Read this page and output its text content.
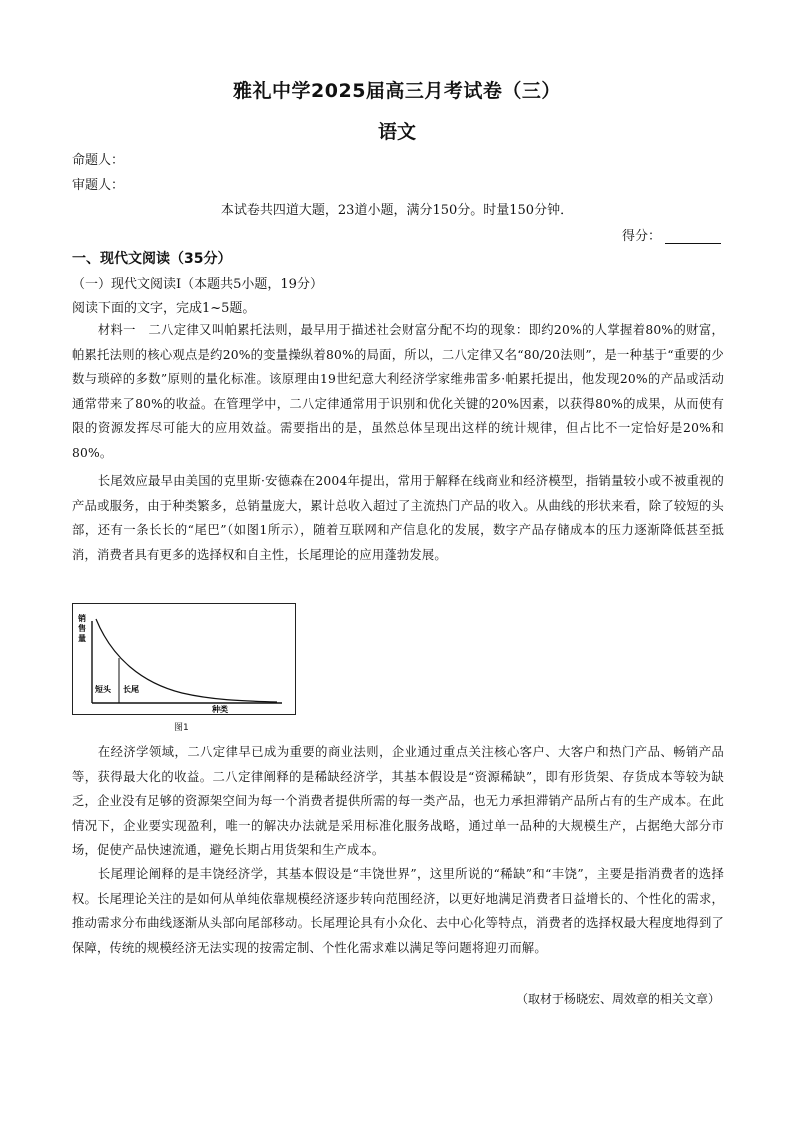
雅礼中学2025届高三月考试卷（三）
语文
命题人：
审题人：
本试卷共四道大题，23道小题，满分150分。时量150分钟．
得分：
一、现代文阅读（35分）
（一）现代文阅读Ⅰ（本题共5小题，19分）
阅读下面的文字，完成1~5题。
材料一　二八定律又叫帕累托法则，最早用于描述社会财富分配不均的现象：即约20%的人掌握着80%的财富，帕累托法则的核心观点是约20%的变量操纵着80%的局面，所以，二八定律又名“80/20法则”，是一种基于“重要的少数与琐碎的多数”原则的量化标准。该原理由19世纪意大利经济学家维弗雷多·帕累托提出，他发现20%的产品或活动通常带来了80%的收益。在管理学中，二八定律通常用于识别和优化关键的20%因素，以获得80%的成果，从而使有限的资源发挥尽可能大的应用效益。需要指出的是，虽然总体呈现出这样的统计规律，但占比不一定恰好是20%和80%。
长尾效应最早由美国的克里斯·安德森在2004年提出，常用于解释在线商业和经济模型，指销量较小或不被重视的产品或服务，由于种类繁多，总销量庞大，累计总收入超过了主流热门产品的收入。从曲线的形状来看，除了较短的头部，还有一条长长的“尾巴”（如图1所示），随着互联网和产信息化的发展，数字产品存储成本的压力逐渐降低甚至抵消，消费者具有更多的选择权和自主性，长尾理论的应用蓬勃发展。
销
售
量
短头 长尾
种类
图1
在经济学领域，二八定律早已成为重要的商业法则，企业通过重点关注核心客户、大客户和热门产品、畅销产品等，获得最大化的收益。二八定律阐释的是稀缺经济学，其基本假设是“资源稀缺”，即有形货架、存货成本等较为缺乏，企业没有足够的资源架空间为每一个消费者提供所需的每一类产品，也无力承担滞销产品所占有的生产成本。在此情况下，企业要实现盈利，唯一的解决办法就是采用标准化服务战略，通过单一品种的大规模生产，占据绝大部分市场，促使产品快速流通，避免长期占用货架和生产成本。
长尾理论阐释的是丰饶经济学，其基本假设是“丰饶世界”，这里所说的“稀缺”和“丰饶”，主要是指消费者的选择权。长尾理论关注的是如何从单纯依靠规模经济逐步转向范围经济，以更好地满足消费者日益增长的、个性化的需求，推动需求分布曲线逐渐从头部向尾部移动。长尾理论具有小众化、去中心化等特点，消费者的选择权最大程度地得到了保障，传统的规模经济无法实现的按需定制、个性化需求难以满足等问题将迎刃而解。
（取材于杨晓宏、周效章的相关文章）
